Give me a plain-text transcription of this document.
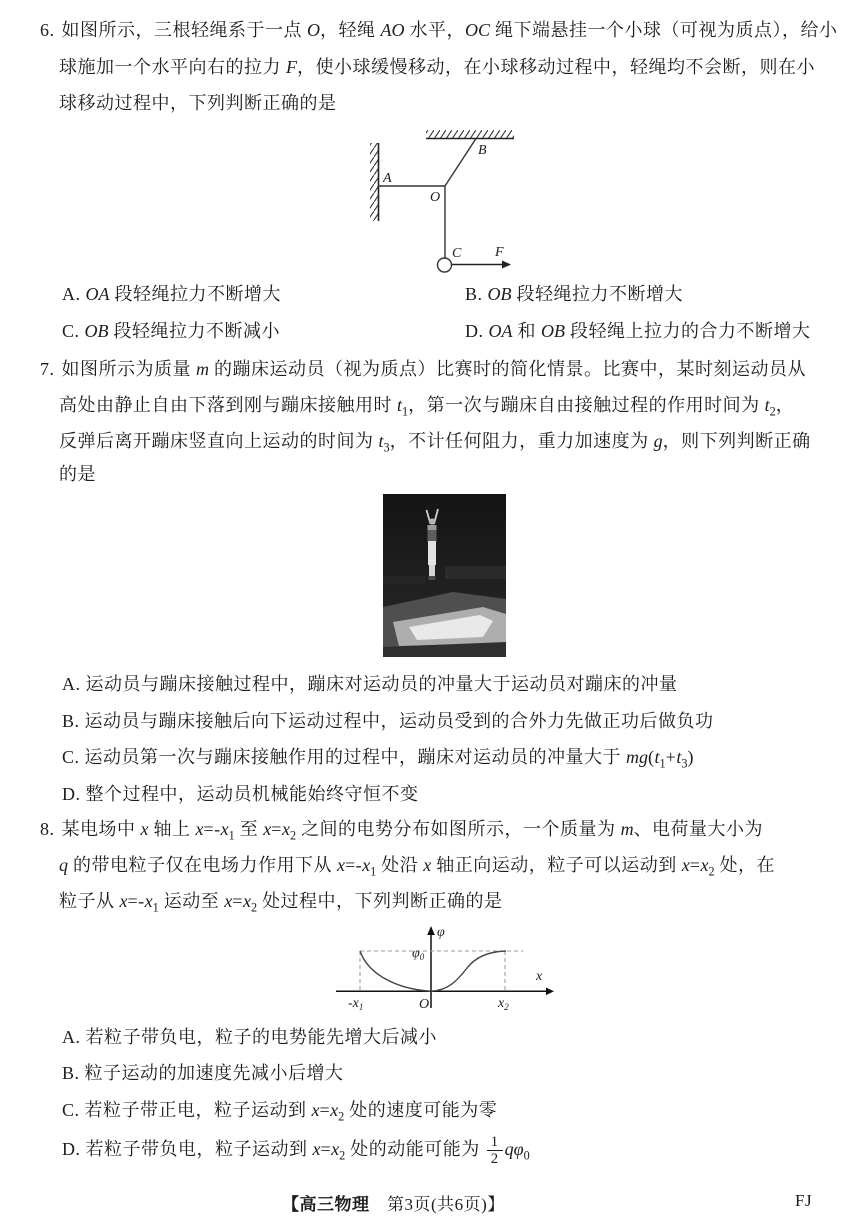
6. 如图所示，三根轻绳系于一点 O，轻绳 AO 水平，OC 绳下端悬挂一个小球（可视为质点），给小
球施加一个水平向右的拉力 F，使小球缓慢移动，在小球移动过程中，轻绳均不会断，则在小
球移动过程中，下列判断正确的是
A
B
O
C F
A. OA 段轻绳拉力不断增大	B. OB 段轻绳拉力不断增大
C. OB 段轻绳拉力不断减小	D. OA 和 OB 段轻绳上拉力的合力不断增大
7. 如图所示为质量 m 的蹦床运动员（视为质点）比赛时的简化情景。比赛中，某时刻运动员从
高处由静止自由下落到刚与蹦床接触用时 $t_1$，第一次与蹦床自由接触过程的作用时间为 $t_2$，
反弹后离开蹦床竖直向上运动的时间为 $t_3$，不计任何阻力，重力加速度为 g，则下列判断正确
的是
A. 运动员与蹦床接触过程中，蹦床对运动员的冲量大于运动员对蹦床的冲量
B. 运动员与蹦床接触后向下运动过程中，运动员受到的合外力先做正功后做负功
C. 运动员第一次与蹦床接触作用的过程中，蹦床对运动员的冲量大于 $mg(t_1+t_3)$
D. 整个过程中，运动员机械能始终守恒不变
8. 某电场中 x 轴上 $x=-x_1$ 至 $x=x_2$ 之间的电势分布如图所示，一个质量为 m、电荷量大小为
q 的带电粒子仅在电场力作用下从 $x=-x_1$ 处沿 x 轴正向运动，粒子可以运动到 $x=x_2$ 处，在
粒子从 $x=-x_1$ 运动至 $x=x_2$ 处过程中，下列判断正确的是
φ
x
$\varphi_0$
$-x_1$	O	$x_2$
A. 若粒子带负电，粒子的电势能先增大后减小
B. 粒子运动的加速度先减小后增大
C. 若粒子带正电，粒子运动到 $x=x_2$ 处的速度可能为零
D. 若粒子带负电，粒子运动到 $x=x_2$ 处的动能可能为 $\frac{1}{2} q\varphi_0$
【高三物理　第3页(共6页)】	FJ
